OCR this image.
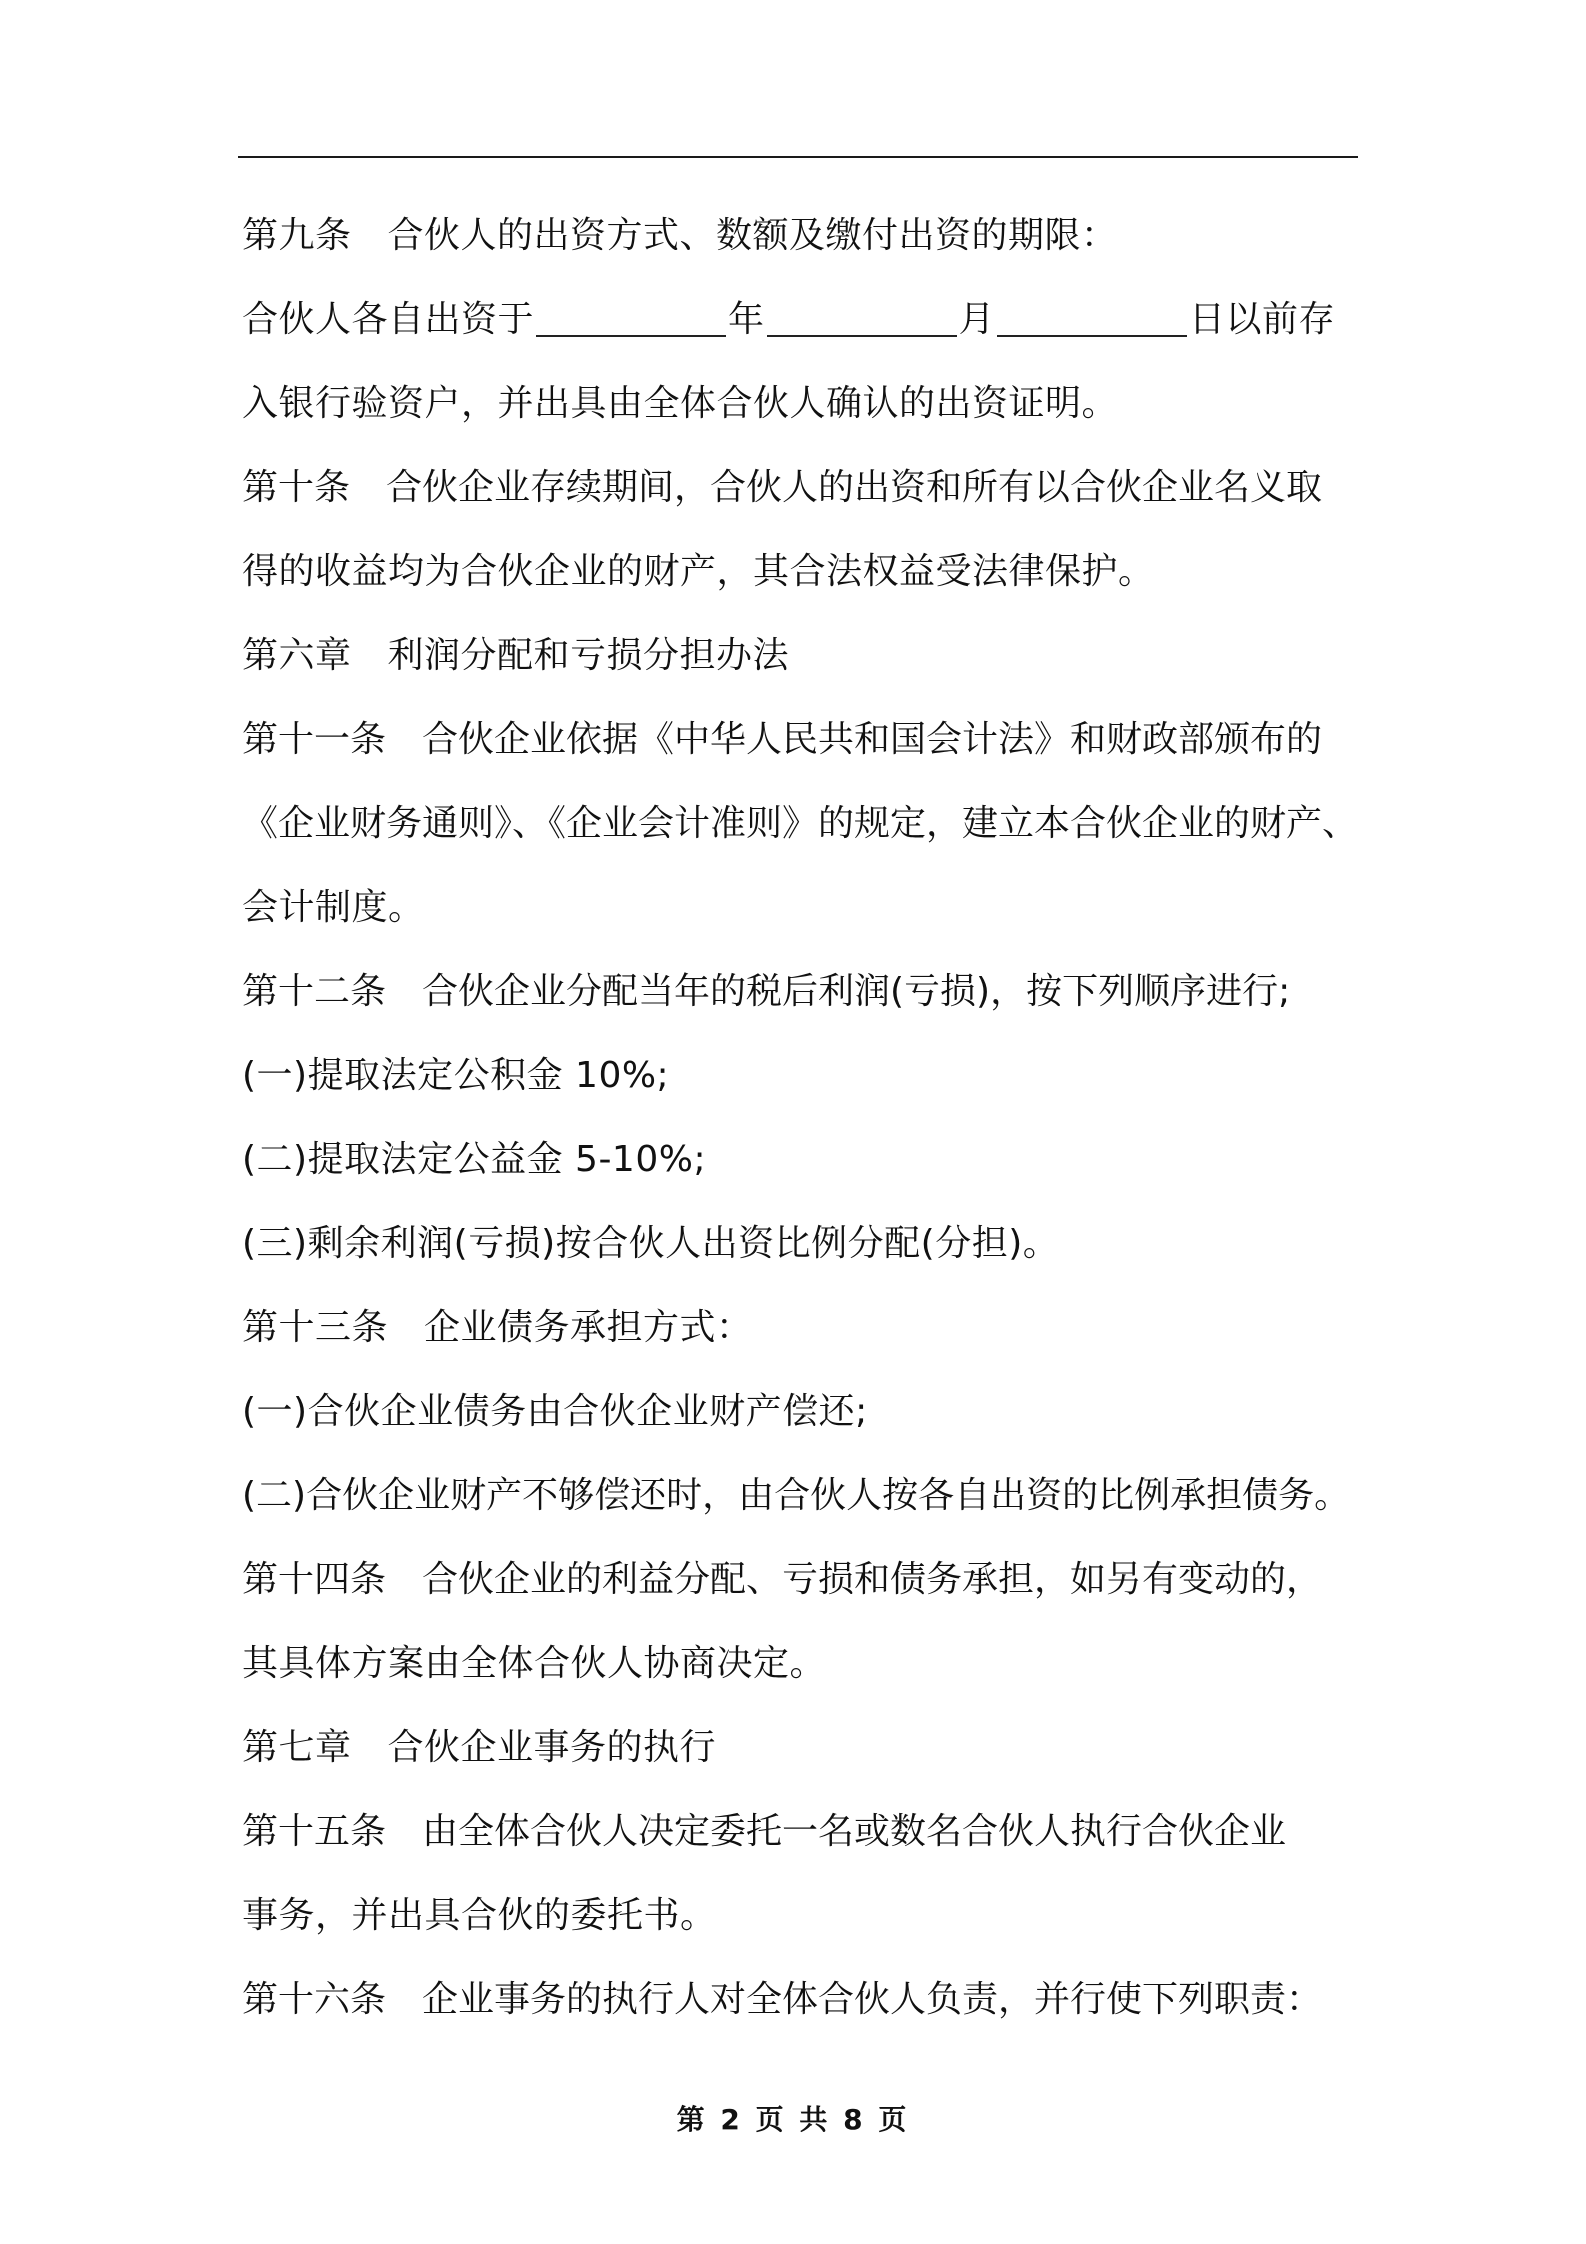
第九条 合伙人的出资方式、数额及缴付出资的期限：
合伙人各自出资于	年	月	日以前存
入银行验资户，并出具由全体合伙人确认的出资证明。
第十条 合伙企业存续期间，合伙人的出资和所有以合伙企业名义取
得的收益均为合伙企业的财产，其合法权益受法律保护。
第六章 利润分配和亏损分担办法
第十一条 合伙企业依据《中华人民共和国会计法》和财政部颁布的
《企业财务通则》、《企业会计准则》的规定，建立本合伙企业的财产、
会计制度。
第十二条 合伙企业分配当年的税后利润(亏损)，按下列顺序进行;
(一)提取法定公积金 10%;
(二)提取法定公益金 5-10%;
(三)剩余利润(亏损)按合伙人出资比例分配(分担)。
第十三条 企业债务承担方式：
(一)合伙企业债务由合伙企业财产偿还;
(二)合伙企业财产不够偿还时，由合伙人按各自出资的比例承担债务。
第十四条 合伙企业的利益分配、亏损和债务承担，如另有变动的，
其具体方案由全体合伙人协商决定。
第七章 合伙企业事务的执行
第十五条 由全体合伙人决定委托一名或数名合伙人执行合伙企业
事务，并出具合伙的委托书。
第十六条 企业事务的执行人对全体合伙人负责，并行使下列职责：
第 2 页 共 8 页
